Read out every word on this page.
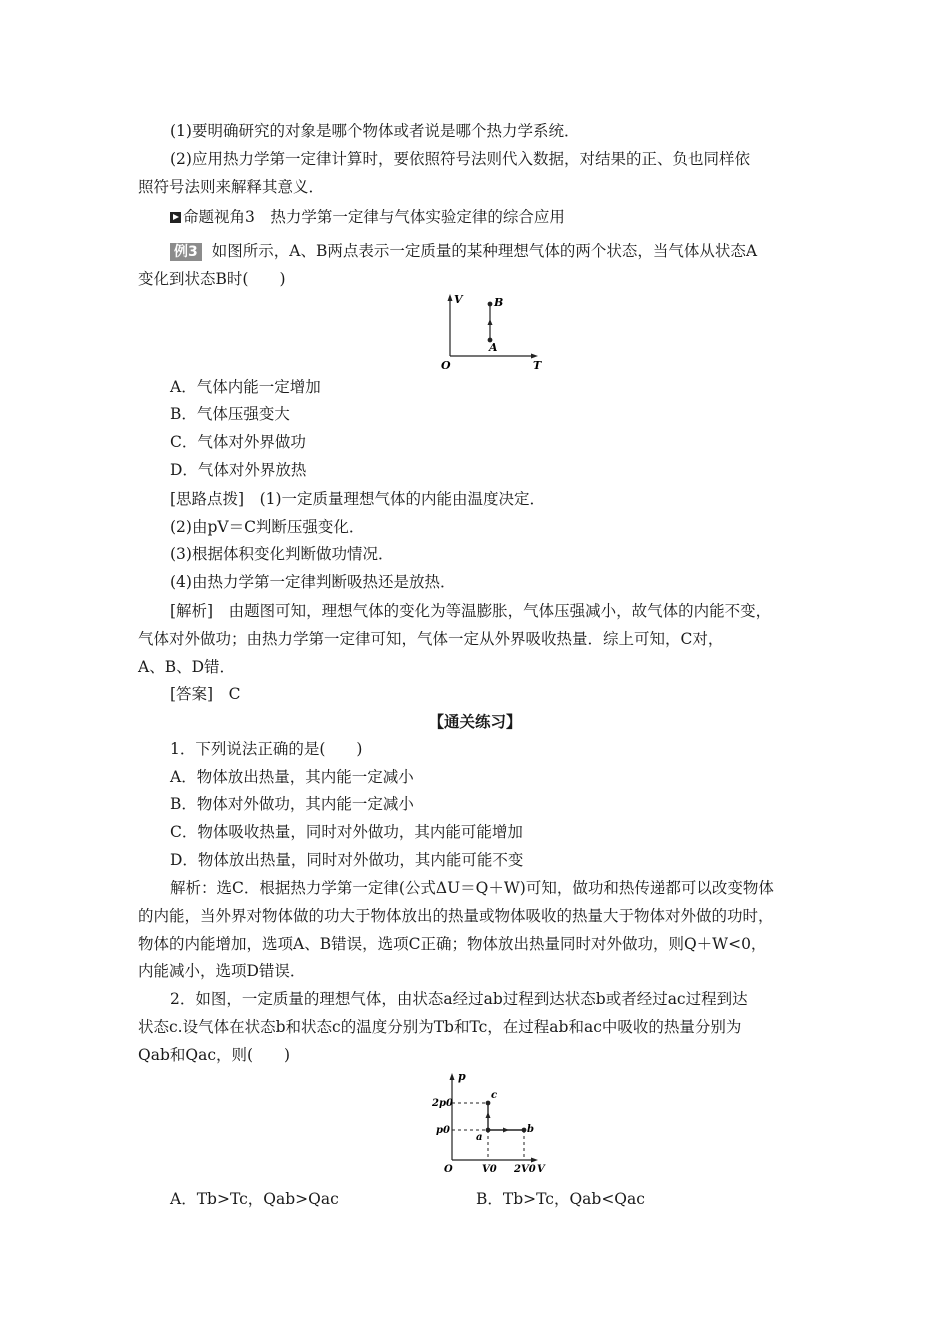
(1)要明确研究的对象是哪个物体或者说是哪个热力学系统．
(2)应用热力学第一定律计算时，要依照符号法则代入数据，对结果的正、负也同样依
照符号法则来解释其意义．
命题视角3　热力学第一定律与气体实验定律的综合应用
例3 如图所示，A、B两点表示一定质量的某种理想气体的两个状态，当气体从状态A
变化到状态B时(　　)
V	B
A
O	T
A．气体内能一定增加
B．气体压强变大
C．气体对外界做功
D．气体对外界放热
[思路点拨]　(1)一定质量理想气体的内能由温度决定．
(2)由pV＝C判断压强变化．
(3)根据体积变化判断做功情况．
(4)由热力学第一定律判断吸热还是放热．
[解析]　由题图可知，理想气体的变化为等温膨胀，气体压强减小，故气体的内能不变，
气体对外做功；由热力学第一定律可知，气体一定从外界吸收热量．综上可知，C对，
A、B、D错．
[答案]　C
【通关练习】
1．下列说法正确的是(　　)
A．物体放出热量，其内能一定减小
B．物体对外做功，其内能一定减小
C．物体吸收热量，同时对外做功，其内能可能增加
D．物体放出热量，同时对外做功，其内能可能不变
解析：选C．根据热力学第一定律(公式ΔU＝Q＋W)可知，做功和热传递都可以改变物体
的内能，当外界对物体做的功大于物体放出的热量或物体吸收的热量大于物体对外做的功时，
物体的内能增加，选项A、B错误，选项C正确；物体放出热量同时对外做功，则Q＋W<0，
内能减小，选项D错误．
2．如图，一定质量的理想气体，由状态a经过ab过程到达状态b或者经过ac过程到达
状态c.设气体在状态b和状态c的温度分别为Tb和Tc，在过程ab和ac中吸收的热量分别为
Qab和Qac，则(　　)
p
2p0
p0
O	V0 2V0 V
a
b
c
A．Tb>Tc，Qab>Qac	B．Tb>Tc，Qab<Qac
